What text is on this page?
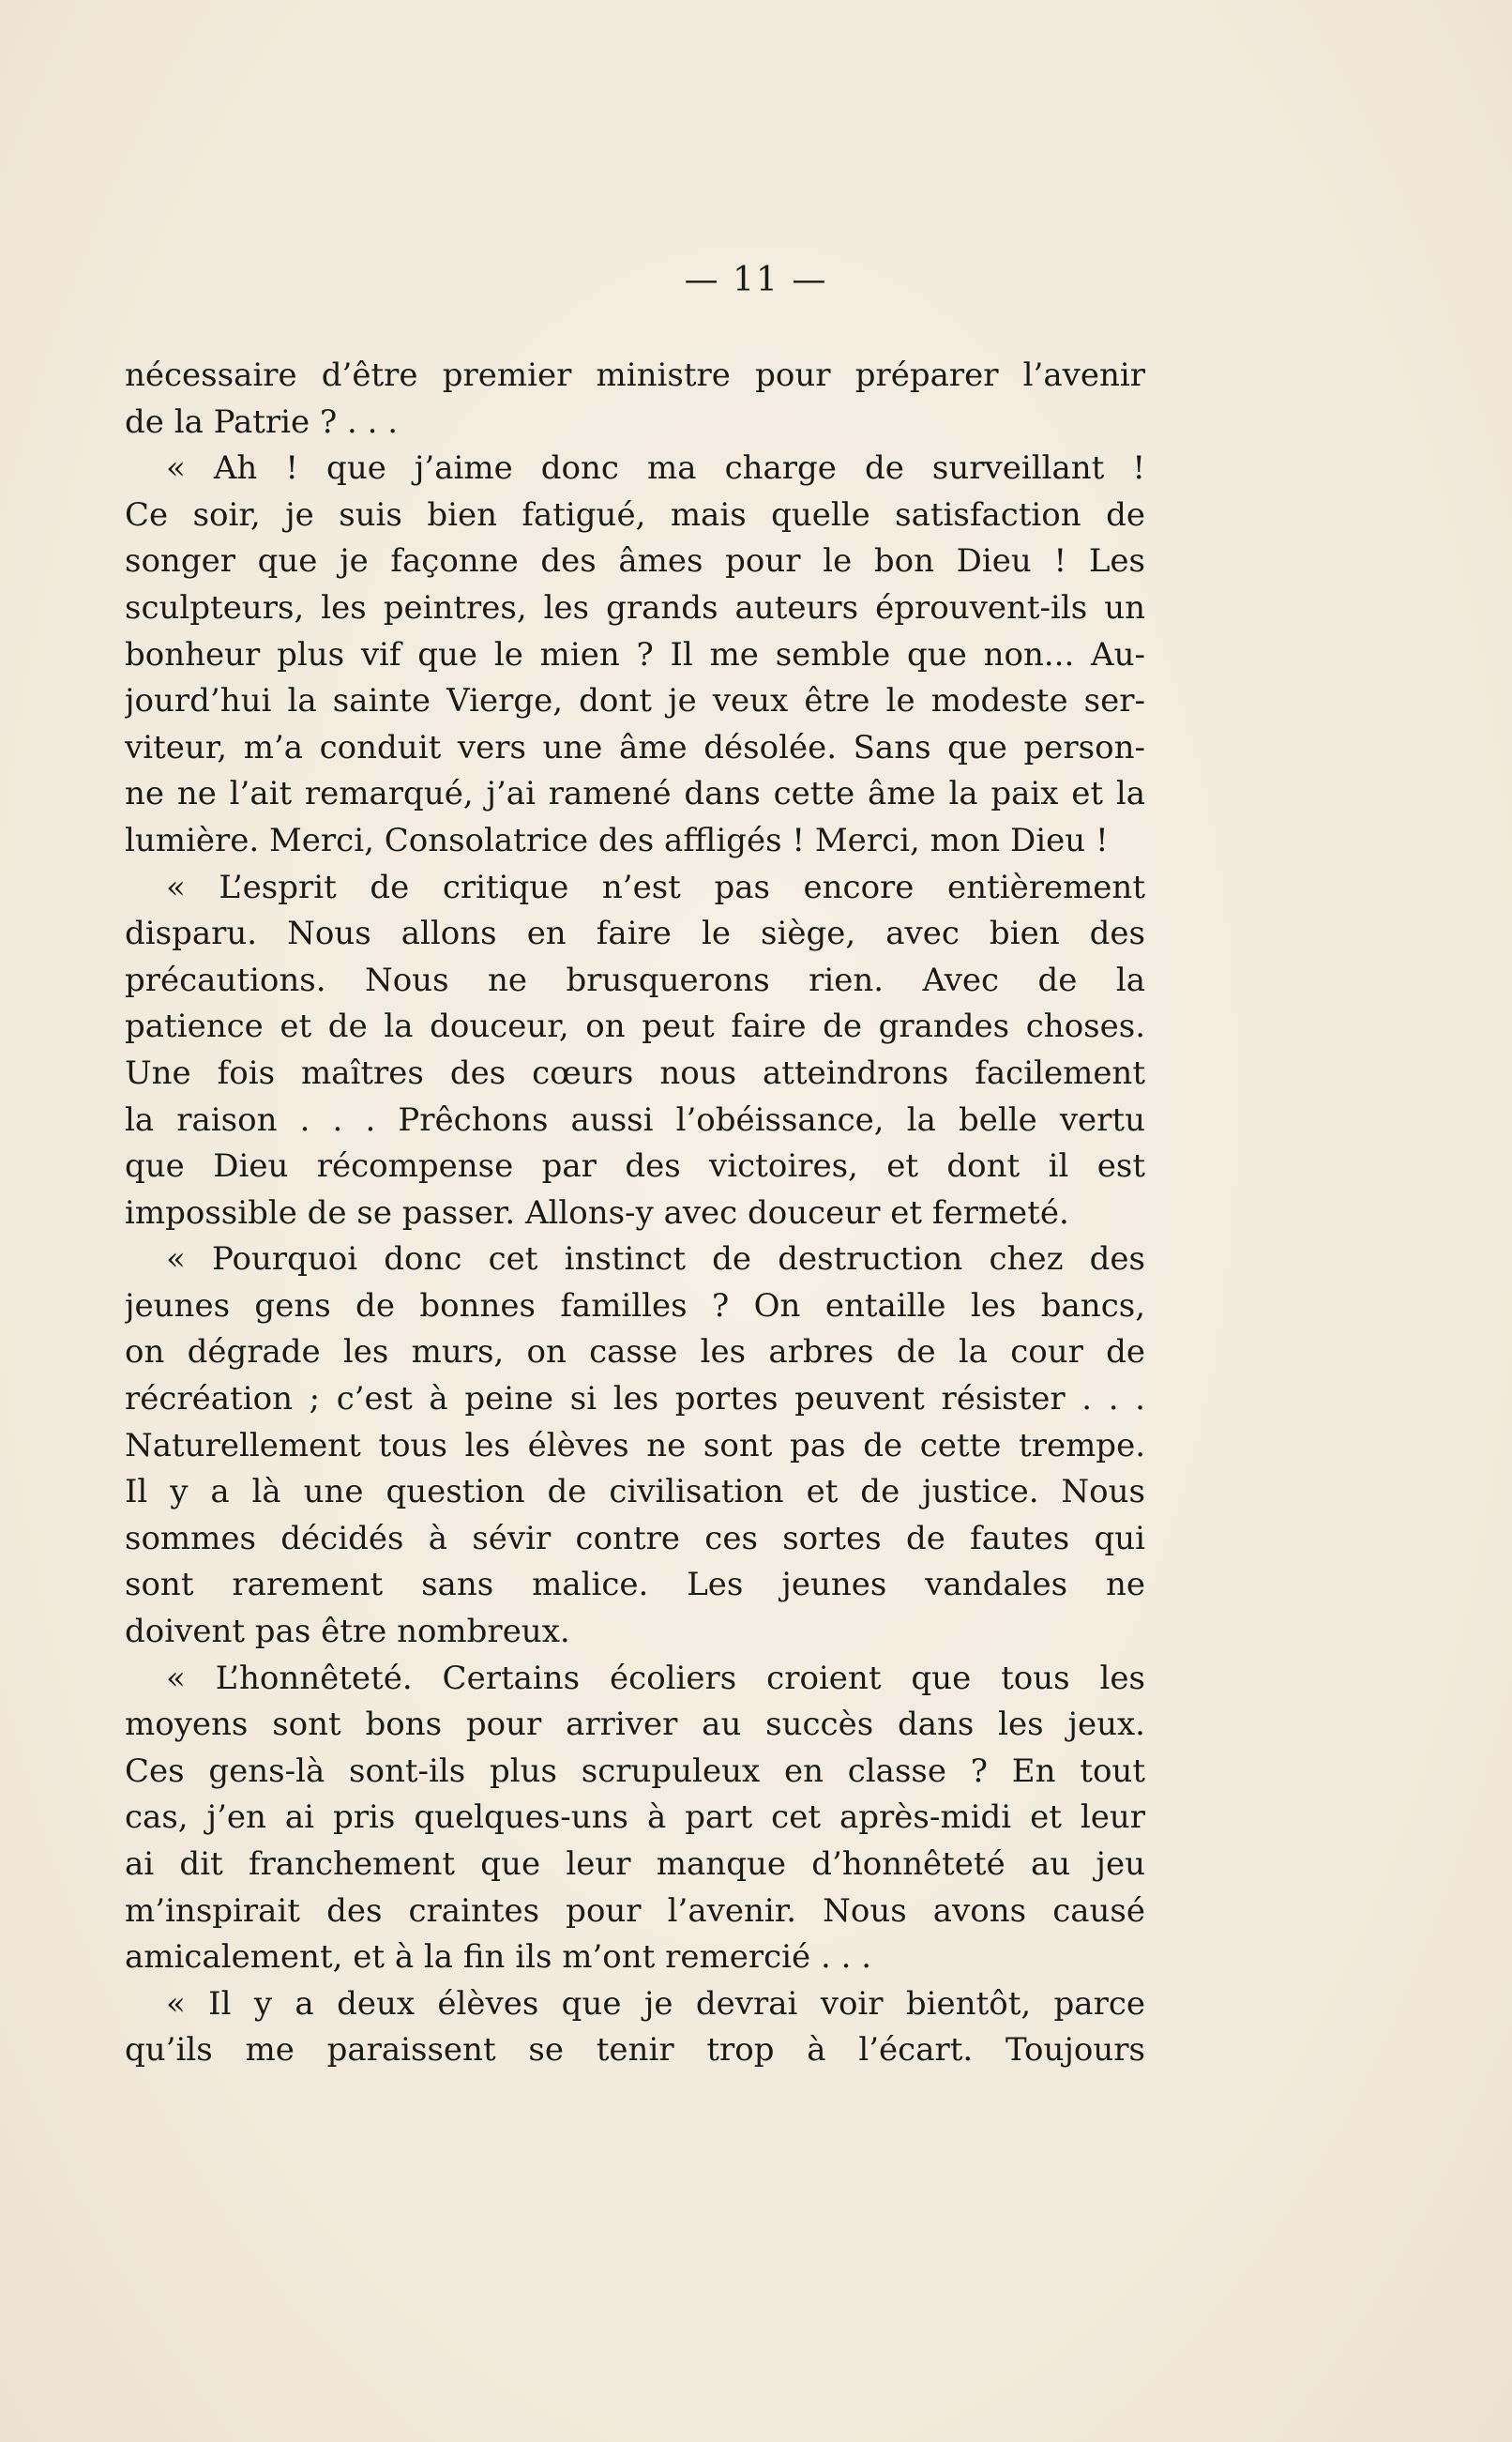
— 11 —
nécessaire d’être premier ministre pour préparer l’avenir
de la Patrie ? . . .
« Ah ! que j’aime donc ma charge de surveillant !
Ce soir, je suis bien fatigué, mais quelle satisfaction de
songer que je façonne des âmes pour le bon Dieu ! Les
sculpteurs, les peintres, les grands auteurs éprouvent-ils un
bonheur plus vif que le mien ? Il me semble que non... Au-
jourd’hui la sainte Vierge, dont je veux être le modeste ser-
viteur, m’a conduit vers une âme désolée. Sans que person-
ne ne l’ait remarqué, j’ai ramené dans cette âme la paix et la
lumière. Merci, Consolatrice des affligés ! Merci, mon Dieu !
« L’esprit de critique n’est pas encore entièrement
disparu. Nous allons en faire le siège, avec bien des
précautions. Nous ne brusquerons rien. Avec de la
patience et de la douceur, on peut faire de grandes choses.
Une fois maîtres des cœurs nous atteindrons facilement
la raison . . . Prêchons aussi l’obéissance, la belle vertu
que Dieu récompense par des victoires, et dont il est
impossible de se passer. Allons-y avec douceur et fermeté.
« Pourquoi donc cet instinct de destruction chez des
jeunes gens de bonnes familles ? On entaille les bancs,
on dégrade les murs, on casse les arbres de la cour de
récréation ; c’est à peine si les portes peuvent résister . . .
Naturellement tous les élèves ne sont pas de cette trempe.
Il y a là une question de civilisation et de justice. Nous
sommes décidés à sévir contre ces sortes de fautes qui
sont rarement sans malice. Les jeunes vandales ne
doivent pas être nombreux.
« L’honnêteté. Certains écoliers croient que tous les
moyens sont bons pour arriver au succès dans les jeux.
Ces gens-là sont-ils plus scrupuleux en classe ? En tout
cas, j’en ai pris quelques-uns à part cet après-midi et leur
ai dit franchement que leur manque d’honnêteté au jeu
m’inspirait des craintes pour l’avenir. Nous avons causé
amicalement, et à la fin ils m’ont remercié . . .
« Il y a deux élèves que je devrai voir bientôt, parce
qu’ils me paraissent se tenir trop à l’écart. Toujours
